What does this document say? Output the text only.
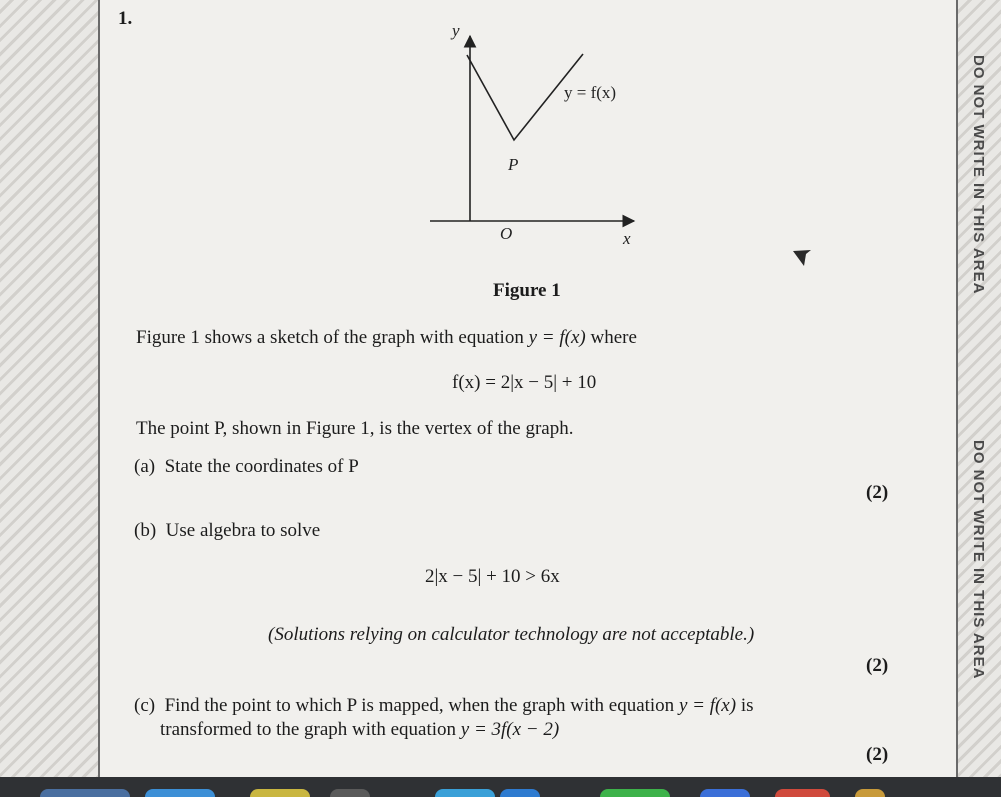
DO NOT WRITE IN THIS AREA
DO NOT WRITE IN THIS AREA
1.
y
x
O
P
y = f(x)
Figure 1
Figure 1 shows a sketch of the graph with equation y = f(x) where
f(x) = 2|x − 5| + 10
The point P, shown in Figure 1, is the vertex of the graph.
(a) State the coordinates of P
(2)
(b) Use algebra to solve
2|x − 5| + 10 > 6x
(Solutions relying on calculator technology are not acceptable.)
(2)
(c) Find the point to which P is mapped, when the graph with equation y = f(x) is
transformed to the graph with equation y = 3f(x − 2)
(2)
